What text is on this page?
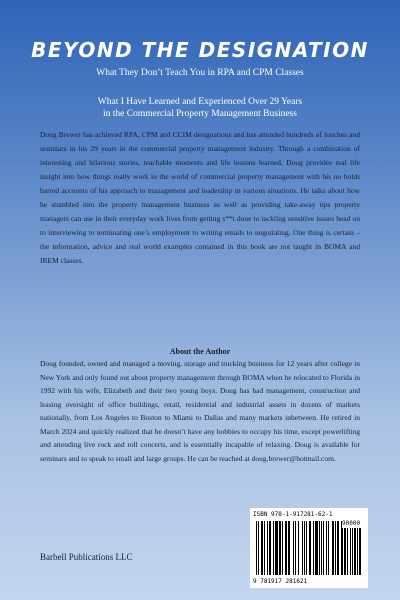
BEYOND THE DESIGNATION
What They Don’t Teach You in RPA and CPM Classes
What I Have Learned and Experienced Over 29 Years
in the Commercial Property Management Business
Doug Brewer has achieved RPA, CPM and CCIM designations and has attended hundreds of lunches and seminars in his 29 years in the commercial property management industry. Through a combination of interesting and hilarious stories, teachable moments and life lessons learned, Doug provides real life insight into how things really work in the world of commercial property management with his no holds barred accounts of his approach to management and leadership in various situations. He talks about how he stumbled into the property management business as well as providing take-away tips property managers can use in their everyday work lives from getting s**t done to tackling sensitive issues head on to interviewing to terminating one’s employment to writing emails to negotiating. One thing is certain – the information, advice and real world examples contained in this book are not taught in BOMA and IREM classes.
About the Author
Doug founded, owned and managed a moving, storage and trucking business for 12 years after college in New York and only found out about property management through BOMA when he relocated to Florida in 1992 with his wife, Elizabeth and their two young boys. Doug has had management, construction and leasing oversight of office buildings, retail, residential and industrial assets in dozens of markets nationally, from Los Angeles to Boston to Miami to Dallas and many markets inbetween. He retired in March 2024 and quickly realized that he doesn’t have any hobbies to occupy his time, except powerlifting and attending live rock and roll concerts, and is essentially incapable of relaxing. Doug is available for seminars and to speak to small and large groups. He can be reached at doug.brewer@hotmail.com.
Barbell Publications LLC
ISBN 978-1-917281-62-1
90000
9 781917 281621
